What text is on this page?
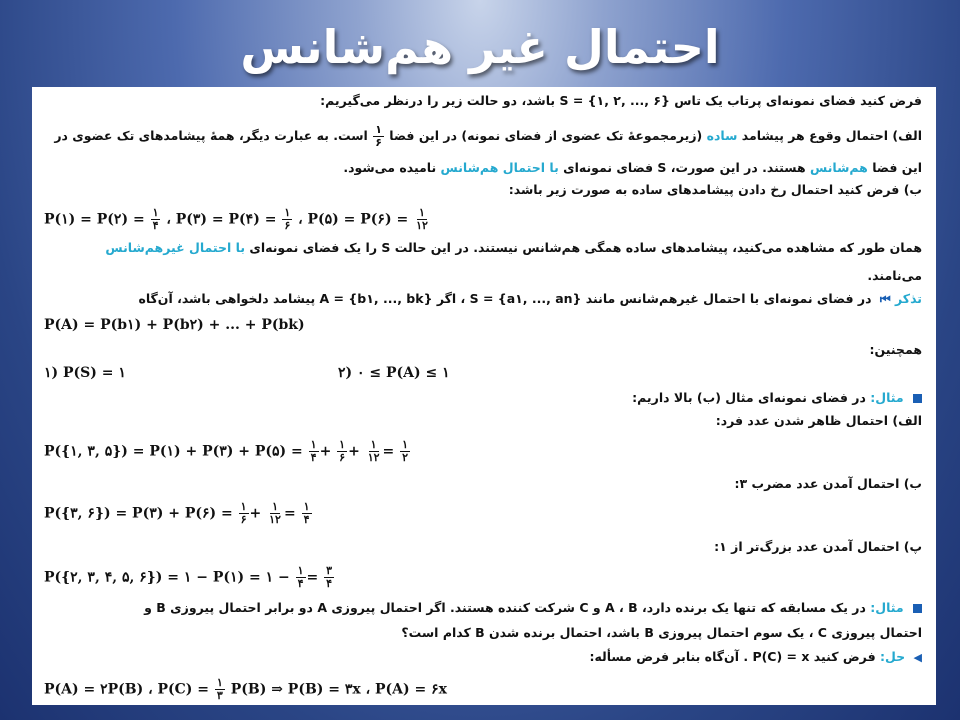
احتمال غیر هم‌شانس
فرض کنید فضای نمونه‌ای پرتاب یک تاس {۶ ,... ,۲ ,۱} = S باشد، دو حالت زیر را درنظر می‌گیریم:
الف) احتمال وقوع هر پیشامد ساده (زیرمجموعهٔ تک عضوی از فضای نمونه) در این فضا
$\frac{۱}{۶}$
است. به عبارت دیگر، همهٔ پیشامدهای تک عضوی در
این فضا هم‌شانس هستند. در این صورت، S فضای نمونه‌ای با احتمال هم‌شانس نامیده می‌شود.
ب) فرض کنید احتمال رخ دادن پیشامدهای ساده به صورت زیر باشد:
P(۱) = P(۲) = $\frac{۱}{۴}$ ، P(۳) = P(۴) = $\frac{۱}{۶}$ ، P(۵) = P(۶) = $\frac{۱}{۱۲}$
همان طور که مشاهده می‌کنید، پیشامدهای ساده همگی هم‌شانس نیستند. در این حالت S را یک فضای نمونه‌ای با احتمال غیرهم‌شانس
می‌نامند.
تذکر ⏮ در فضای نمونه‌ای با احتمال غیرهم‌شانس مانند {S = {a۱, ..., an ، اگر {A = {b۱, ..., bk پیشامد دلخواهی باشد، آن‌گاه
P(A) = P(b۱) + P(b۲) + ... + P(bk)
همچنین:
۱) P(S) = ۱	۲) ۰ ≤ P(A) ≤ ۱
مثال: در فضای نمونه‌ای مثال (ب) بالا داریم:
الف) احتمال ظاهر شدن عدد فرد:
P({۱, ۳, ۵}) = P(۱) + P(۳) + P(۵) = $\frac{۱}{۴} + \frac{۱}{۶} + \frac{۱}{۱۲} = \frac{۱}{۲}$
ب) احتمال آمدن عدد مضرب ۳:
P({۳, ۶}) = P(۳) + P(۶) = $\frac{۱}{۶} + \frac{۱}{۱۲} = \frac{۱}{۴}$
پ) احتمال آمدن عدد بزرگ‌تر از ۱:
P({۲, ۳, ۴, ۵, ۶}) = ۱ − P(۱) = ۱ − $\frac{۱}{۴} = \frac{۳}{۴}$
مثال: در یک مسابقه که تنها یک برنده دارد، A ، B و C شرکت کننده هستند. اگر احتمال پیروزی A دو برابر احتمال پیروزی B و
احتمال پیروزی C ، یک سوم احتمال پیروزی B باشد، احتمال برنده شدن B کدام است؟
◀ حل: فرض کنید P(C) = x . آن‌گاه بنابر فرض مسأله:
P(A) = ۲P(B) ، $P(C) = \frac{۱}{۳} P(B)$ ⇒ P(B) = ۳x ، P(A) = ۶x
